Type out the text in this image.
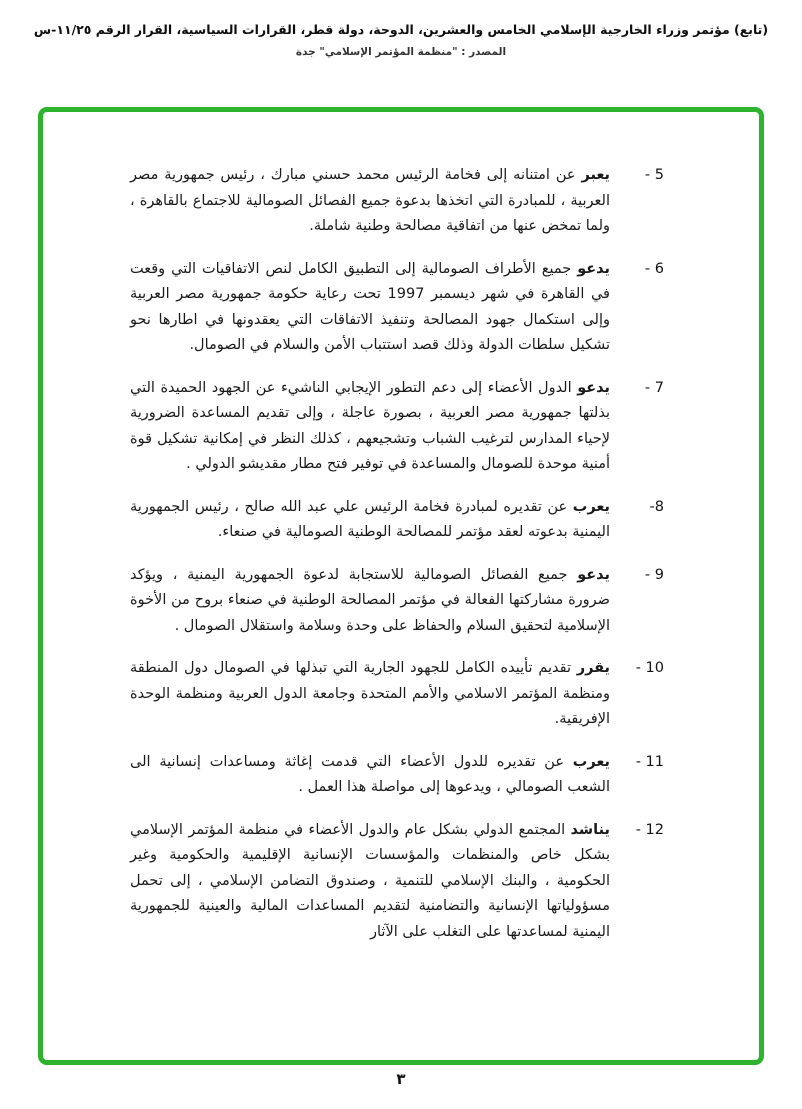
(تابع) مؤتمر وزراء الخارجية الإسلامي الخامس والعشرين، الدوحة، دولة قطر، القرارات السياسية، القرار الرقم ١١/٢٥-س
المصدر : "منظمة المؤتمر الإسلامي" جدة
5 -

يعبر عن امتنانه إلى فخامة الرئيس محمد حسني مبارك ، رئيس جمهورية مصر العربية ، للمبادرة التي اتخذها بدعوة جميع الفصائل الصومالية للاجتماع بالقاهرة ، ولما تمخض عنها من اتفاقية مصالحة وطنية شاملة.

6 -

يدعو جميع الأطراف الصومالية إلى التطبيق الكامل لنص الاتفاقيات التي وقعت في القاهرة في شهر ديسمبر 1997 تحت رعاية حكومة جمهورية مصر العربية وإلى استكمال جهود المصالحة وتنفيذ الاتفاقات التي يعقدونها في اطارها نحو تشكيل سلطات الدولة وذلك قصد استتباب الأمن والسلام في الصومال.

7 -

يدعو الدول الأعضاء إلى دعم التطور الإيجابي الناشيء عن الجهود الحميدة التي بذلتها جمهورية مصر العربية ، بصورة عاجلة ، وإلى تقديم المساعدة الضرورية لإحياء المدارس لترغيب الشباب وتشجيعهم ، كذلك النظر في إمكانية تشكيل قوة أمنية موحدة للصومال والمساعدة في توفير فتح مطار مقديشو الدولي .

8-

يعرب عن تقديره لمبادرة فخامة الرئيس علي عبد الله صالح ، رئيس الجمهورية اليمنية بدعوته لعقد مؤتمر للمصالحة الوطنية الصومالية في صنعاء.

9 -

يدعو جميع الفصائل الصومالية للاستجابة لدعوة الجمهورية اليمنية ، ويؤكد ضرورة مشاركتها الفعالة في مؤتمر المصالحة الوطنية في صنعاء بروح من الأخوة الإسلامية لتحقيق السلام والحفاظ على وحدة وسلامة واستقلال الصومال .

10 -

يقرر تقديم تأييده الكامل للجهود الجارية التي تبذلها في الصومال دول المنطقة ومنظمة المؤتمر الاسلامي والأمم المتحدة وجامعة الدول العربية ومنظمة الوحدة الإفريقية.

11 -

يعرب عن تقديره للدول الأعضاء التي قدمت إغاثة ومساعدات إنسانية الى الشعب الصومالي ، ويدعوها إلى مواصلة هذا العمل .

12 -

يناشد المجتمع الدولي بشكل عام والدول الأعضاء في منظمة المؤتمر الإسلامي بشكل خاص والمنظمات والمؤسسات الإنسانية الإقليمية والحكومية وغير الحكومية ، والبنك الإسلامي للتنمية ، وصندوق التضامن الإسلامي ، إلى تحمل مسؤولياتها الإنسانية والتضامنية لتقديم المساعدات المالية والعينية للجمهورية اليمنية لمساعدتها على التغلب على الآثار

٣
